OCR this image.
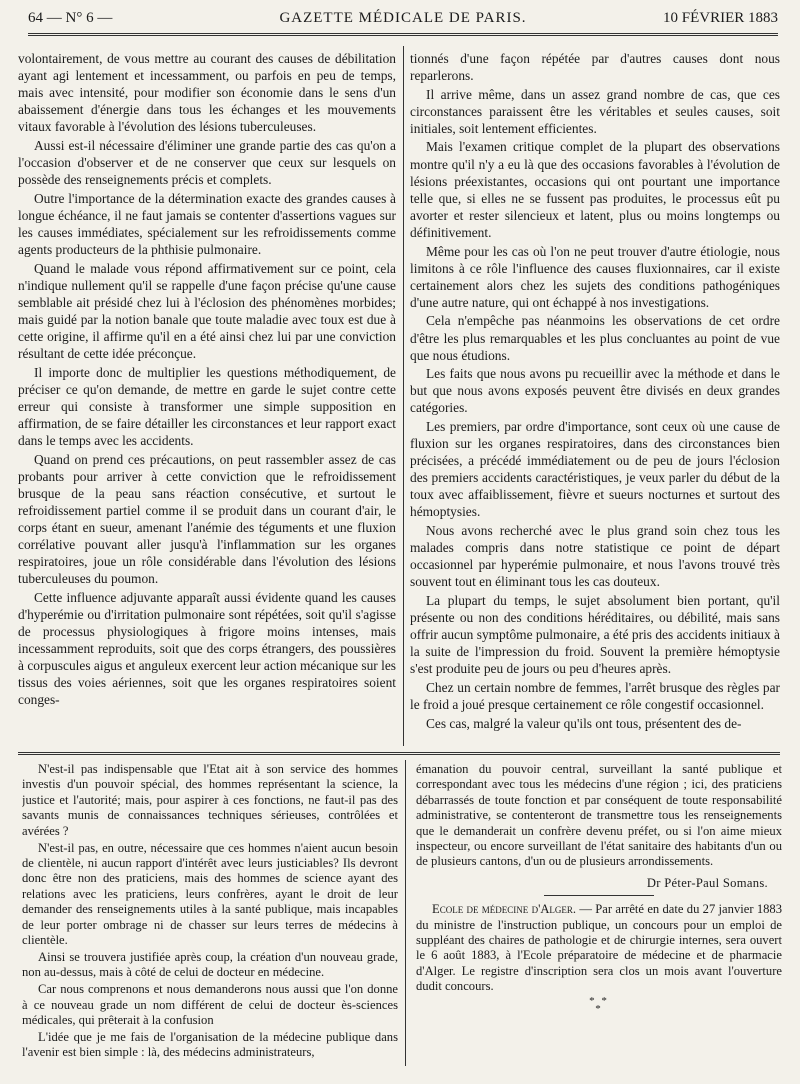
64 — N° 6 —	GAZETTE MÉDICALE DE PARIS.	10 FÉVRIER 1883

volontairement, de vous mettre au courant des causes de débilitation ayant agi lentement et incessamment, ou parfois en peu de temps, mais avec intensité, pour modifier son économie dans le sens d'un abaissement d'énergie dans tous les échanges et les mouvements vitaux favorable à l'évolution des lésions tuberculeuses.

Aussi est-il nécessaire d'éliminer une grande partie des cas qu'on a l'occasion d'observer et de ne conserver que ceux sur lesquels on possède des renseignements précis et complets.

Outre l'importance de la détermination exacte des grandes causes à longue échéance, il ne faut jamais se contenter d'assertions vagues sur les causes immédiates, spécialement sur les refroidissements comme agents producteurs de la phthisie pulmonaire.

Quand le malade vous répond affirmativement sur ce point, cela n'indique nullement qu'il se rappelle d'une façon précise qu'une cause semblable ait présidé chez lui à l'éclosion des phénomènes morbides; mais guidé par la notion banale que toute maladie avec toux est due à cette origine, il affirme qu'il en a été ainsi chez lui par une conviction résultant de cette idée préconçue.

Il importe donc de multiplier les questions méthodiquement, de préciser ce qu'on demande, de mettre en garde le sujet contre cette erreur qui consiste à transformer une simple supposition en affirmation, de se faire détailler les circonstances et leur rapport exact dans le temps avec les accidents.

Quand on prend ces précautions, on peut rassembler assez de cas probants pour arriver à cette conviction que le refroidissement brusque de la peau sans réaction consécutive, et surtout le refroidissement partiel comme il se produit dans un courant d'air, le corps étant en sueur, amenant l'anémie des téguments et une fluxion corrélative pouvant aller jusqu'à l'inflammation sur les organes respiratoires, joue un rôle considérable dans l'évolution des lésions tuberculeuses du poumon.

Cette influence adjuvante apparaît aussi évidente quand les causes d'hyperémie ou d'irritation pulmonaire sont répétées, soit qu'il s'agisse de processus physiologiques à frigore moins intenses, mais incessamment reproduits, soit que des corps étrangers, des poussières à corpuscules aigus et anguleux exercent leur action mécanique sur les tissus des voies aériennes, soit que les organes respiratoires soient conges-

tionnés d'une façon répétée par d'autres causes dont nous reparlerons.

Il arrive même, dans un assez grand nombre de cas, que ces circonstances paraissent être les véritables et seules causes, soit initiales, soit lentement efficientes.

Mais l'examen critique complet de la plupart des observations montre qu'il n'y a eu là que des occasions favorables à l'évolution de lésions préexistantes, occasions qui ont pourtant une importance telle que, si elles ne se fussent pas produites, le processus eût pu avorter et rester silencieux et latent, plus ou moins longtemps ou définitivement.

Même pour les cas où l'on ne peut trouver d'autre étiologie, nous limitons à ce rôle l'influence des causes fluxionnaires, car il existe certainement alors chez les sujets des conditions pathogéniques d'une autre nature, qui ont échappé à nos investigations.

Cela n'empêche pas néanmoins les observations de cet ordre d'être les plus remarquables et les plus concluantes au point de vue que nous étudions.

Les faits que nous avons pu recueillir avec la méthode et dans le but que nous avons exposés peuvent être divisés en deux grandes catégories.

Les premiers, par ordre d'importance, sont ceux où une cause de fluxion sur les organes respiratoires, dans des circonstances bien précisées, a précédé immédiatement ou de peu de jours l'éclosion des premiers accidents caractéristiques, je veux parler du début de la toux avec affaiblissement, fièvre et sueurs nocturnes et surtout des hémoptysies.

Nous avons recherché avec le plus grand soin chez tous les malades compris dans notre statistique ce point de départ occasionnel par hyperémie pulmonaire, et nous l'avons trouvé très souvent tout en éliminant tous les cas douteux.

La plupart du temps, le sujet absolument bien portant, qu'il présente ou non des conditions héréditaires, ou débilité, mais sans offrir aucun symptôme pulmonaire, a été pris des accidents initiaux à la suite de l'impression du froid. Souvent la première hémoptysie s'est produite peu de jours ou peu d'heures après.

Chez un certain nombre de femmes, l'arrêt brusque des règles par le froid a joué presque certainement ce rôle congestif occasionnel.

Ces cas, malgré la valeur qu'ils ont tous, présentent des de-

N'est-il pas indispensable que l'Etat ait à son service des hommes investis d'un pouvoir spécial, des hommes représentant la science, la justice et l'autorité; mais, pour aspirer à ces fonctions, ne faut-il pas des savants munis de connaissances techniques sérieuses, contrôlées et avérées ?

N'est-il pas, en outre, nécessaire que ces hommes n'aient aucun besoin de clientèle, ni aucun rapport d'intérêt avec leurs justiciables? Ils devront donc être non des praticiens, mais des hommes de science ayant des relations avec les praticiens, leurs confrères, ayant le droit de leur demander des renseignements utiles à la santé publique, mais incapables de leur porter ombrage ni de chasser sur leurs terres de médecins à clientèle.

Ainsi se trouvera justifiée après coup, la création d'un nouveau grade, non au-dessus, mais à côté de celui de docteur en médecine.

Car nous comprenons et nous demanderons nous aussi que l'on donne à ce nouveau grade un nom différent de celui de docteur ès-sciences médicales, qui prêterait à la confusion

L'idée que je me fais de l'organisation de la médecine publique dans l'avenir est bien simple : là, des médecins administrateurs,

émanation du pouvoir central, surveillant la santé publique et correspondant avec tous les médecins d'une région ; ici, des praticiens débarrassés de toute fonction et par conséquent de toute responsabilité administrative, se contenteront de transmettre tous les renseignements que le demanderait un confrère devenu préfet, ou si l'on aime mieux inspecteur, ou encore surveillant de l'état sanitaire des habitants d'un ou de plusieurs cantons, d'un ou de plusieurs arrondissements.

Dr Péter-Paul Somans.

Ecole de médecine d'Alger. — Par arrêté en date du 27 janvier 1883 du ministre de l'instruction publique, un concours pour un emploi de suppléant des chaires de pathologie et de chirurgie internes, sera ouvert le 6 août 1883, à l'Ecole préparatoire de médecine et de pharmacie d'Alger. Le registre d'inscription sera clos un mois avant l'ouverture dudit concours.

* *
*
